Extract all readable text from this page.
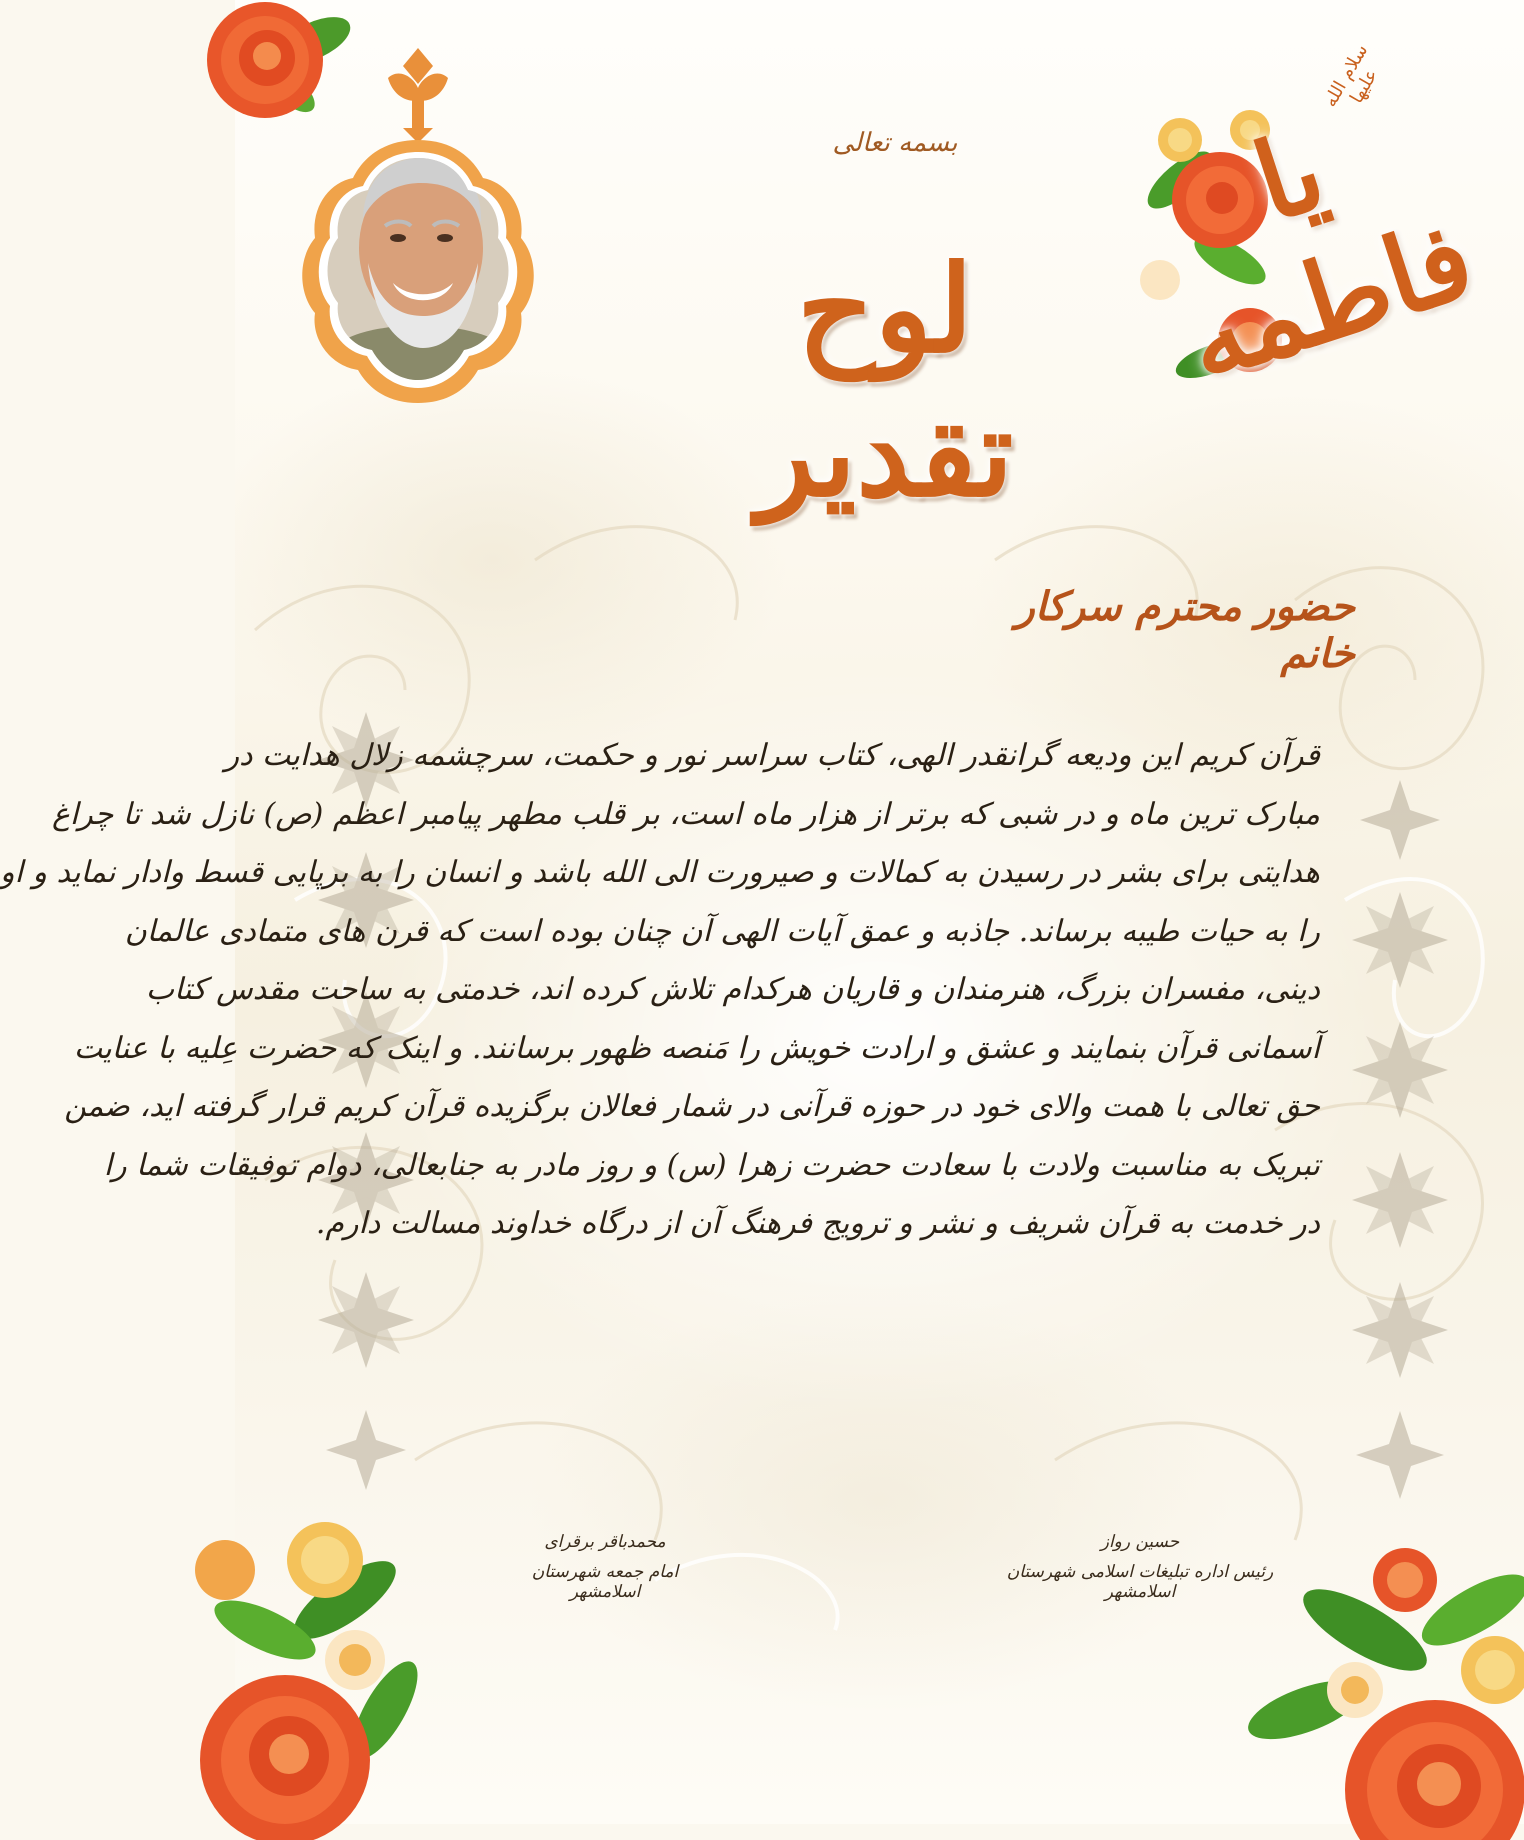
یا فاطمه
سلام الله علیها
بسمه تعالی
لوح تقدیر
حضور محترم سرکار خانم
قرآن کریم این ودیعه گرانقدر الهی، کتاب سراسر نور و حکمت، سرچشمه زلال هدایت در
مبارک ترین ماه و در شبی که برتر از هزار ماه است، بر قلب مطهر پیامبر اعظم (ص) نازل شد تا چراغ
هدایتی برای بشر در رسیدن به کمالات و صیرورت الی الله باشد و انسان را به برپایی قسط وادار نماید و او
را به حیات طیبه برساند. جاذبه و عمق آیات الهی آن چنان بوده است که قرن های متمادی عالمان
دینی، مفسران بزرگ، هنرمندان و قاریان هرکدام تلاش کرده اند، خدمتی به ساحت مقدس کتاب
آسمانی قرآن بنمایند و عشق و ارادت خویش را مَنصه ظهور برسانند. و اینک که حضرت عِلیه با عنایت
حق تعالی با همت والای خود در حوزه قرآنی در شمار فعالان برگزیده قرآن کریم قرار گرفته اید، ضمن
تبریک به مناسبت ولادت با سعادت حضرت زهرا (س) و روز مادر به جنابعالی، دوام توفیقات شما را
در خدمت به قرآن شریف و نشر و ترویج فرهنگ آن از درگاه خداوند مسالت دارم.
حسین رواز
رئیس اداره تبلیغات اسلامی شهرستان اسلامشهر
محمدباقر برقرای
امام جمعه شهرستان اسلامشهر
